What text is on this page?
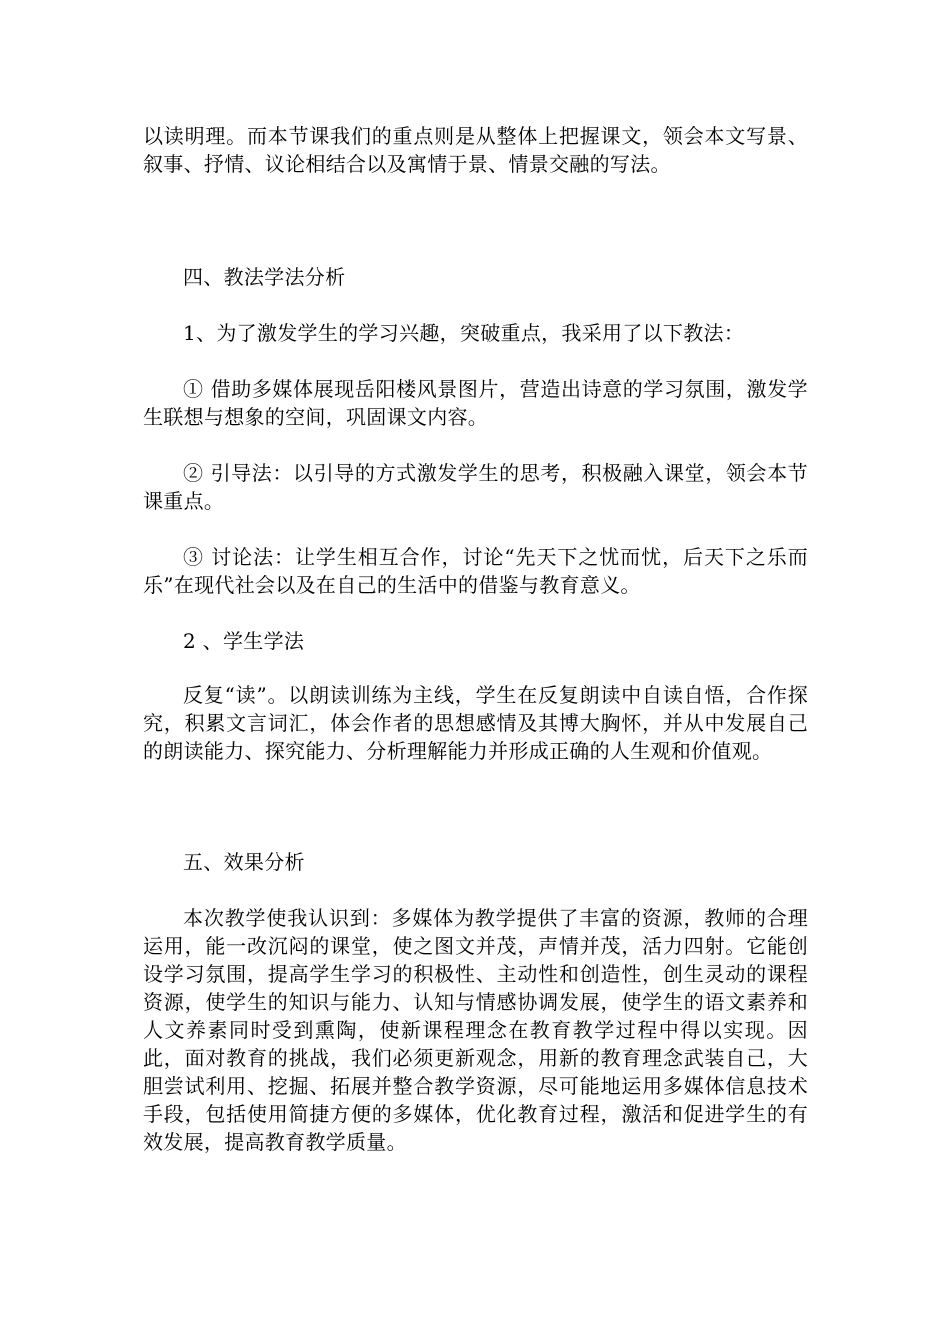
以读明理。而本节课我们的重点则是从整体上把握课文，领会本文写景、叙事、抒情、议论相结合以及寓情于景、情景交融的写法。

四、教法学法分析

1、为了激发学生的学习兴趣，突破重点，我采用了以下教法：

① 借助多媒体展现岳阳楼风景图片，营造出诗意的学习氛围，激发学生联想与想象的空间，巩固课文内容。

② 引导法：以引导的方式激发学生的思考，积极融入课堂，领会本节课重点。

③ 讨论法：让学生相互合作，讨论“先天下之忧而忧，后天下之乐而乐”在现代社会以及在自己的生活中的借鉴与教育意义。

2 、学生学法

反复“读”。以朗读训练为主线，学生在反复朗读中自读自悟，合作探究，积累文言词汇，体会作者的思想感情及其博大胸怀，并从中发展自己的朗读能力、探究能力、分析理解能力并形成正确的人生观和价值观。

五、效果分析

本次教学使我认识到：多媒体为教学提供了丰富的资源，教师的合理运用，能一改沉闷的课堂，使之图文并茂，声情并茂，活力四射。它能创设学习氛围，提高学生学习的积极性、主动性和创造性，创生灵动的课程资源，使学生的知识与能力、认知与情感协调发展，使学生的语文素养和人文养素同时受到熏陶，使新课程理念在教育教学过程中得以实现。因此，面对教育的挑战，我们必须更新观念，用新的教育理念武装自己，大胆尝试利用、挖掘、拓展并整合教学资源，尽可能地运用多媒体信息技术手段，包括使用简捷方便的多媒体，优化教育过程，激活和促进学生的有效发展，提高教育教学质量。
